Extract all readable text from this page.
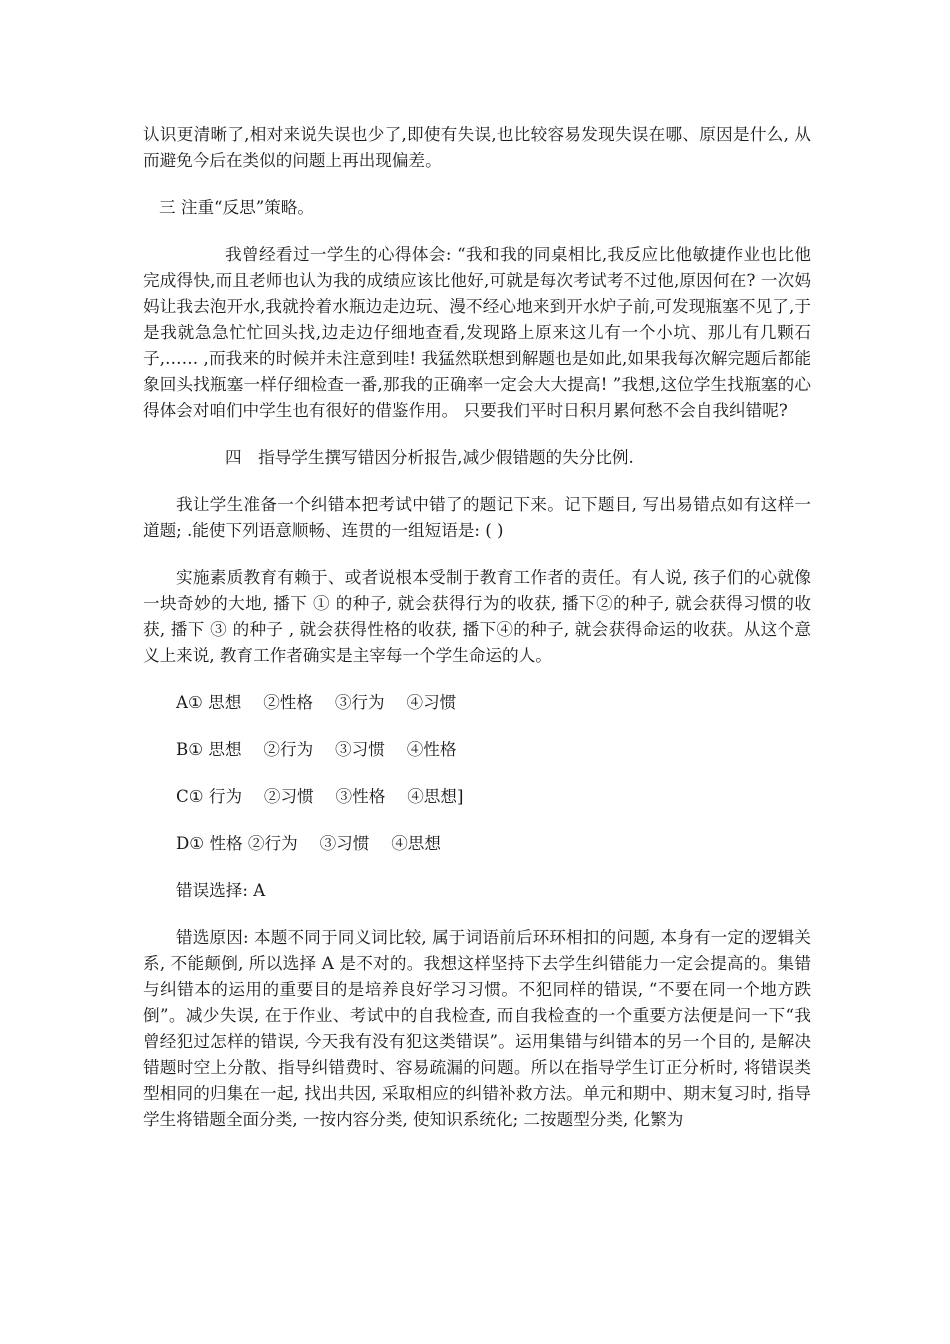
认识更清晰了,相对来说失误也少了,即使有失误,也比较容易发现失误在哪、原因是什么, 从而避免今后在类似的问题上再出现偏差。

三 注重“反思”策略。

我曾经看过一学生的心得体会: “我和我的同桌相比,我反应比他敏捷作业也比他完成得快,而且老师也认为我的成绩应该比他好,可就是每次考试考不过他,原因何在? 一次妈妈让我去泡开水,我就拎着水瓶边走边玩、漫不经心地来到开水炉子前,可发现瓶塞不见了,于是我就急急忙忙回头找,边走边仔细地查看,发现路上原来这儿有一个小坑、那儿有几颗石子,…… ,而我来的时候并未注意到哇! 我猛然联想到解题也是如此,如果我每次解完题后都能象回头找瓶塞一样仔细检查一番,那我的正确率一定会大大提高! ”我想,这位学生找瓶塞的心得体会对咱们中学生也有很好的借鉴作用。 只要我们平时日积月累何愁不会自我纠错呢?

四　指导学生撰写错因分析报告,减少假错题的失分比例.

我让学生准备一个纠错本把考试中错了的题记下来。记下题目, 写出易错点如有这样一道题; .能使下列语意顺畅、连贯的一组短语是: ( )

实施素质教育有赖于、或者说根本受制于教育工作者的责任。有人说, 孩子们的心就像一块奇妙的大地, 播下 ① 的种子, 就会获得行为的收获, 播下②的种子, 就会获得习惯的收获, 播下 ③ 的种子 , 就会获得性格的收获, 播下④的种子, 就会获得命运的收获。从这个意义上来说, 教育工作者确实是主宰每一个学生命运的人。

A① 思想　 ②性格　 ③行为　 ④习惯

B① 思想　 ②行为　 ③习惯　 ④性格

C① 行为　 ②习惯　 ③性格　 ④思想]

D① 性格 ②行为　 ③习惯　 ④思想

错误选择: A

错选原因: 本题不同于同义词比较, 属于词语前后环环相扣的问题, 本身有一定的逻辑关系, 不能颠倒, 所以选择 A 是不对的。我想这样坚持下去学生纠错能力一定会提高的。集错与纠错本的运用的重要目的是培养良好学习习惯。不犯同样的错误, “不要在同一个地方跌倒”。减少失误, 在于作业、考试中的自我检查, 而自我检查的一个重要方法便是问一下“我曾经犯过怎样的错误, 今天我有没有犯这类错误”。运用集错与纠错本的另一个目的, 是解决错题时空上分散、指导纠错费时、容易疏漏的问题。所以在指导学生订正分析时, 将错误类型相同的归集在一起, 找出共因, 采取相应的纠错补救方法。单元和期中、期末复习时, 指导学生将错题全面分类, 一按内容分类, 使知识系统化; 二按题型分类, 化繁为
